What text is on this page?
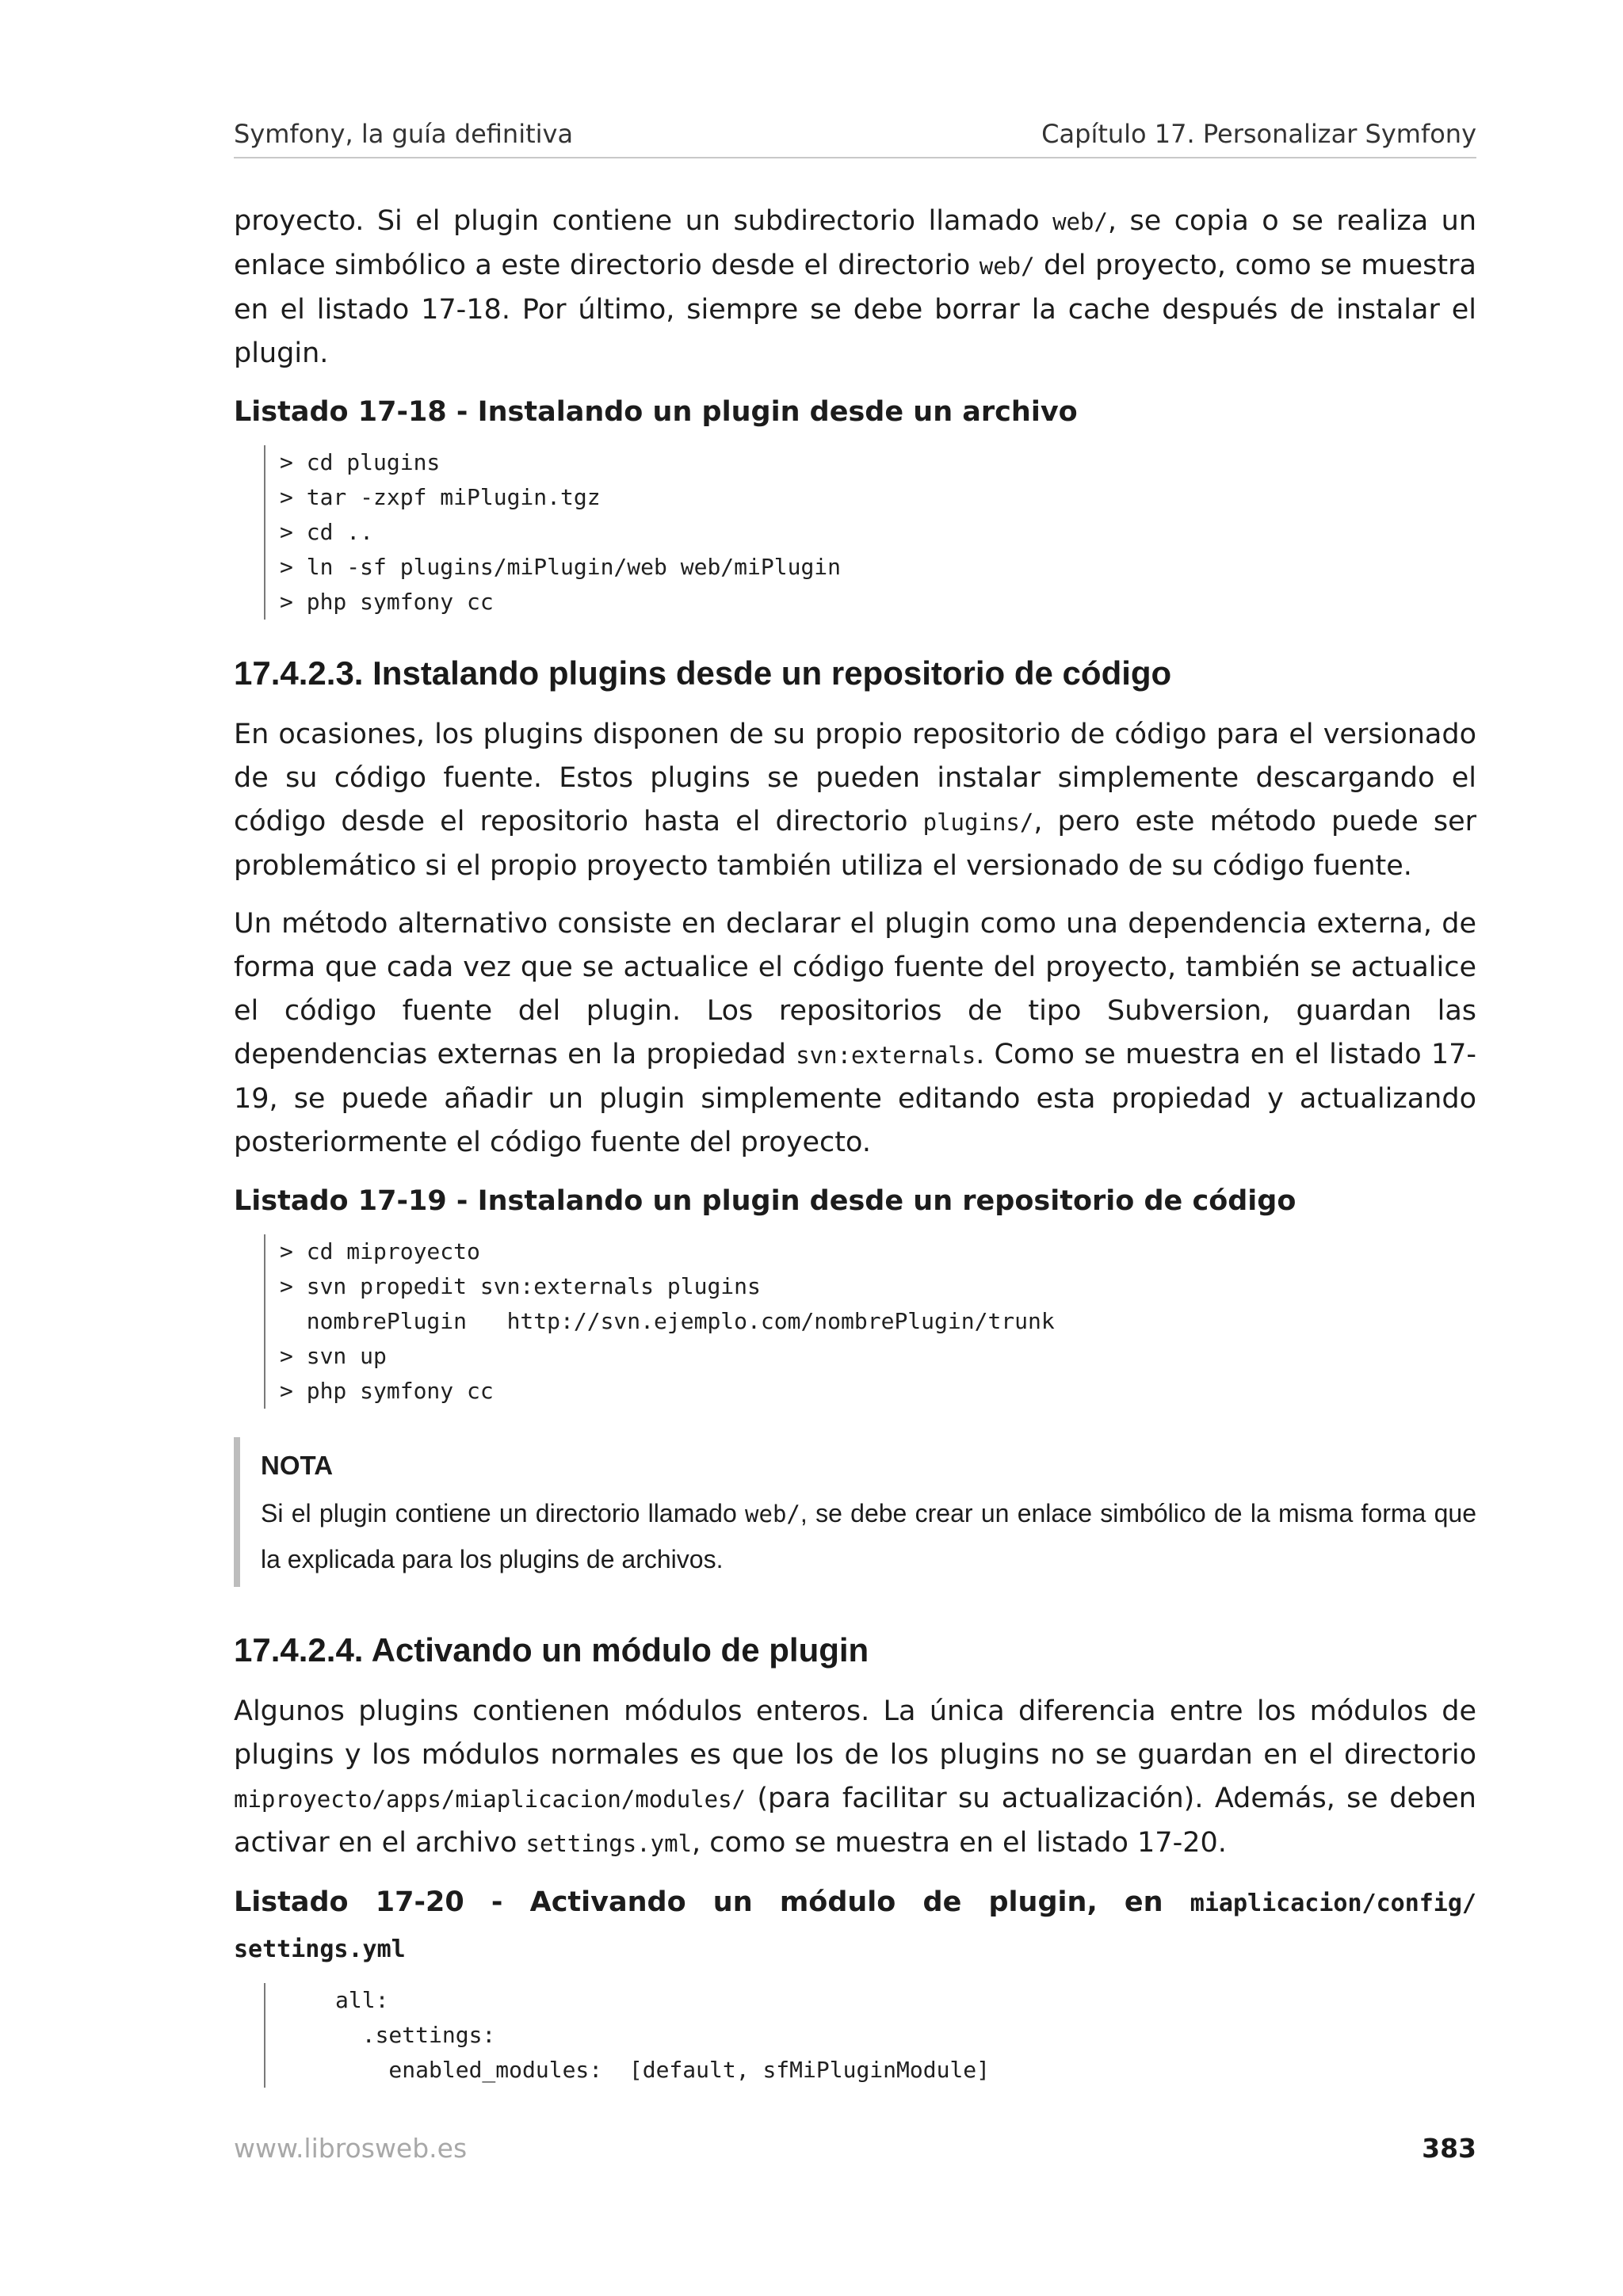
Symfony, la guía definitiva	Capítulo 17. Personalizar Symfony

proyecto. Si el plugin contiene un subdirectorio llamado web/, se copia o se realiza un enlace simbólico a este directorio desde el directorio web/ del proyecto, como se muestra en el listado 17-18. Por último, siempre se debe borrar la cache después de instalar el plugin.

Listado 17-18 - Instalando un plugin desde un archivo
> cd plugins
> tar -zxpf miPlugin.tgz
> cd ..
> ln -sf plugins/miPlugin/web web/miPlugin
> php symfony cc
17.4.2.3. Instalando plugins desde un repositorio de código

En ocasiones, los plugins disponen de su propio repositorio de código para el versionado de su código fuente. Estos plugins se pueden instalar simplemente descargando el código desde el repositorio hasta el directorio plugins/, pero este método puede ser problemático si el propio proyecto también utiliza el versionado de su código fuente.

Un método alternativo consiste en declarar el plugin como una dependencia externa, de forma que cada vez que se actualice el código fuente del proyecto, también se actualice el código fuente del plugin. Los repositorios de tipo Subversion, guardan las dependencias externas en la propiedad svn:externals. Como se muestra en el listado 17-19, se puede añadir un plugin simplemente editando esta propiedad y actualizando posteriormente el código fuente del proyecto.

Listado 17-19 - Instalando un plugin desde un repositorio de código
> cd miproyecto
> svn propedit svn:externals plugins
nombrePlugin   http://svn.ejemplo.com/nombrePlugin/trunk
> svn up
> php symfony cc
NOTA
Si el plugin contiene un directorio llamado web/, se debe crear un enlace simbólico de la misma forma que la explicada para los plugins de archivos.
17.4.2.4. Activando un módulo de plugin

Algunos plugins contienen módulos enteros. La única diferencia entre los módulos de plugins y los módulos normales es que los de los plugins no se guardan en el directorio miproyecto/apps/miaplicacion/modules/ (para facilitar su actualización). Además, se deben activar en el archivo settings.yml, como se muestra en el listado 17-20.

Listado 17-20 - Activando un módulo de plugin, en miaplicacion/config/
settings.yml
all:
.settings:
enabled_modules:  [default, sfMiPluginModule]
www.librosweb.es	383
